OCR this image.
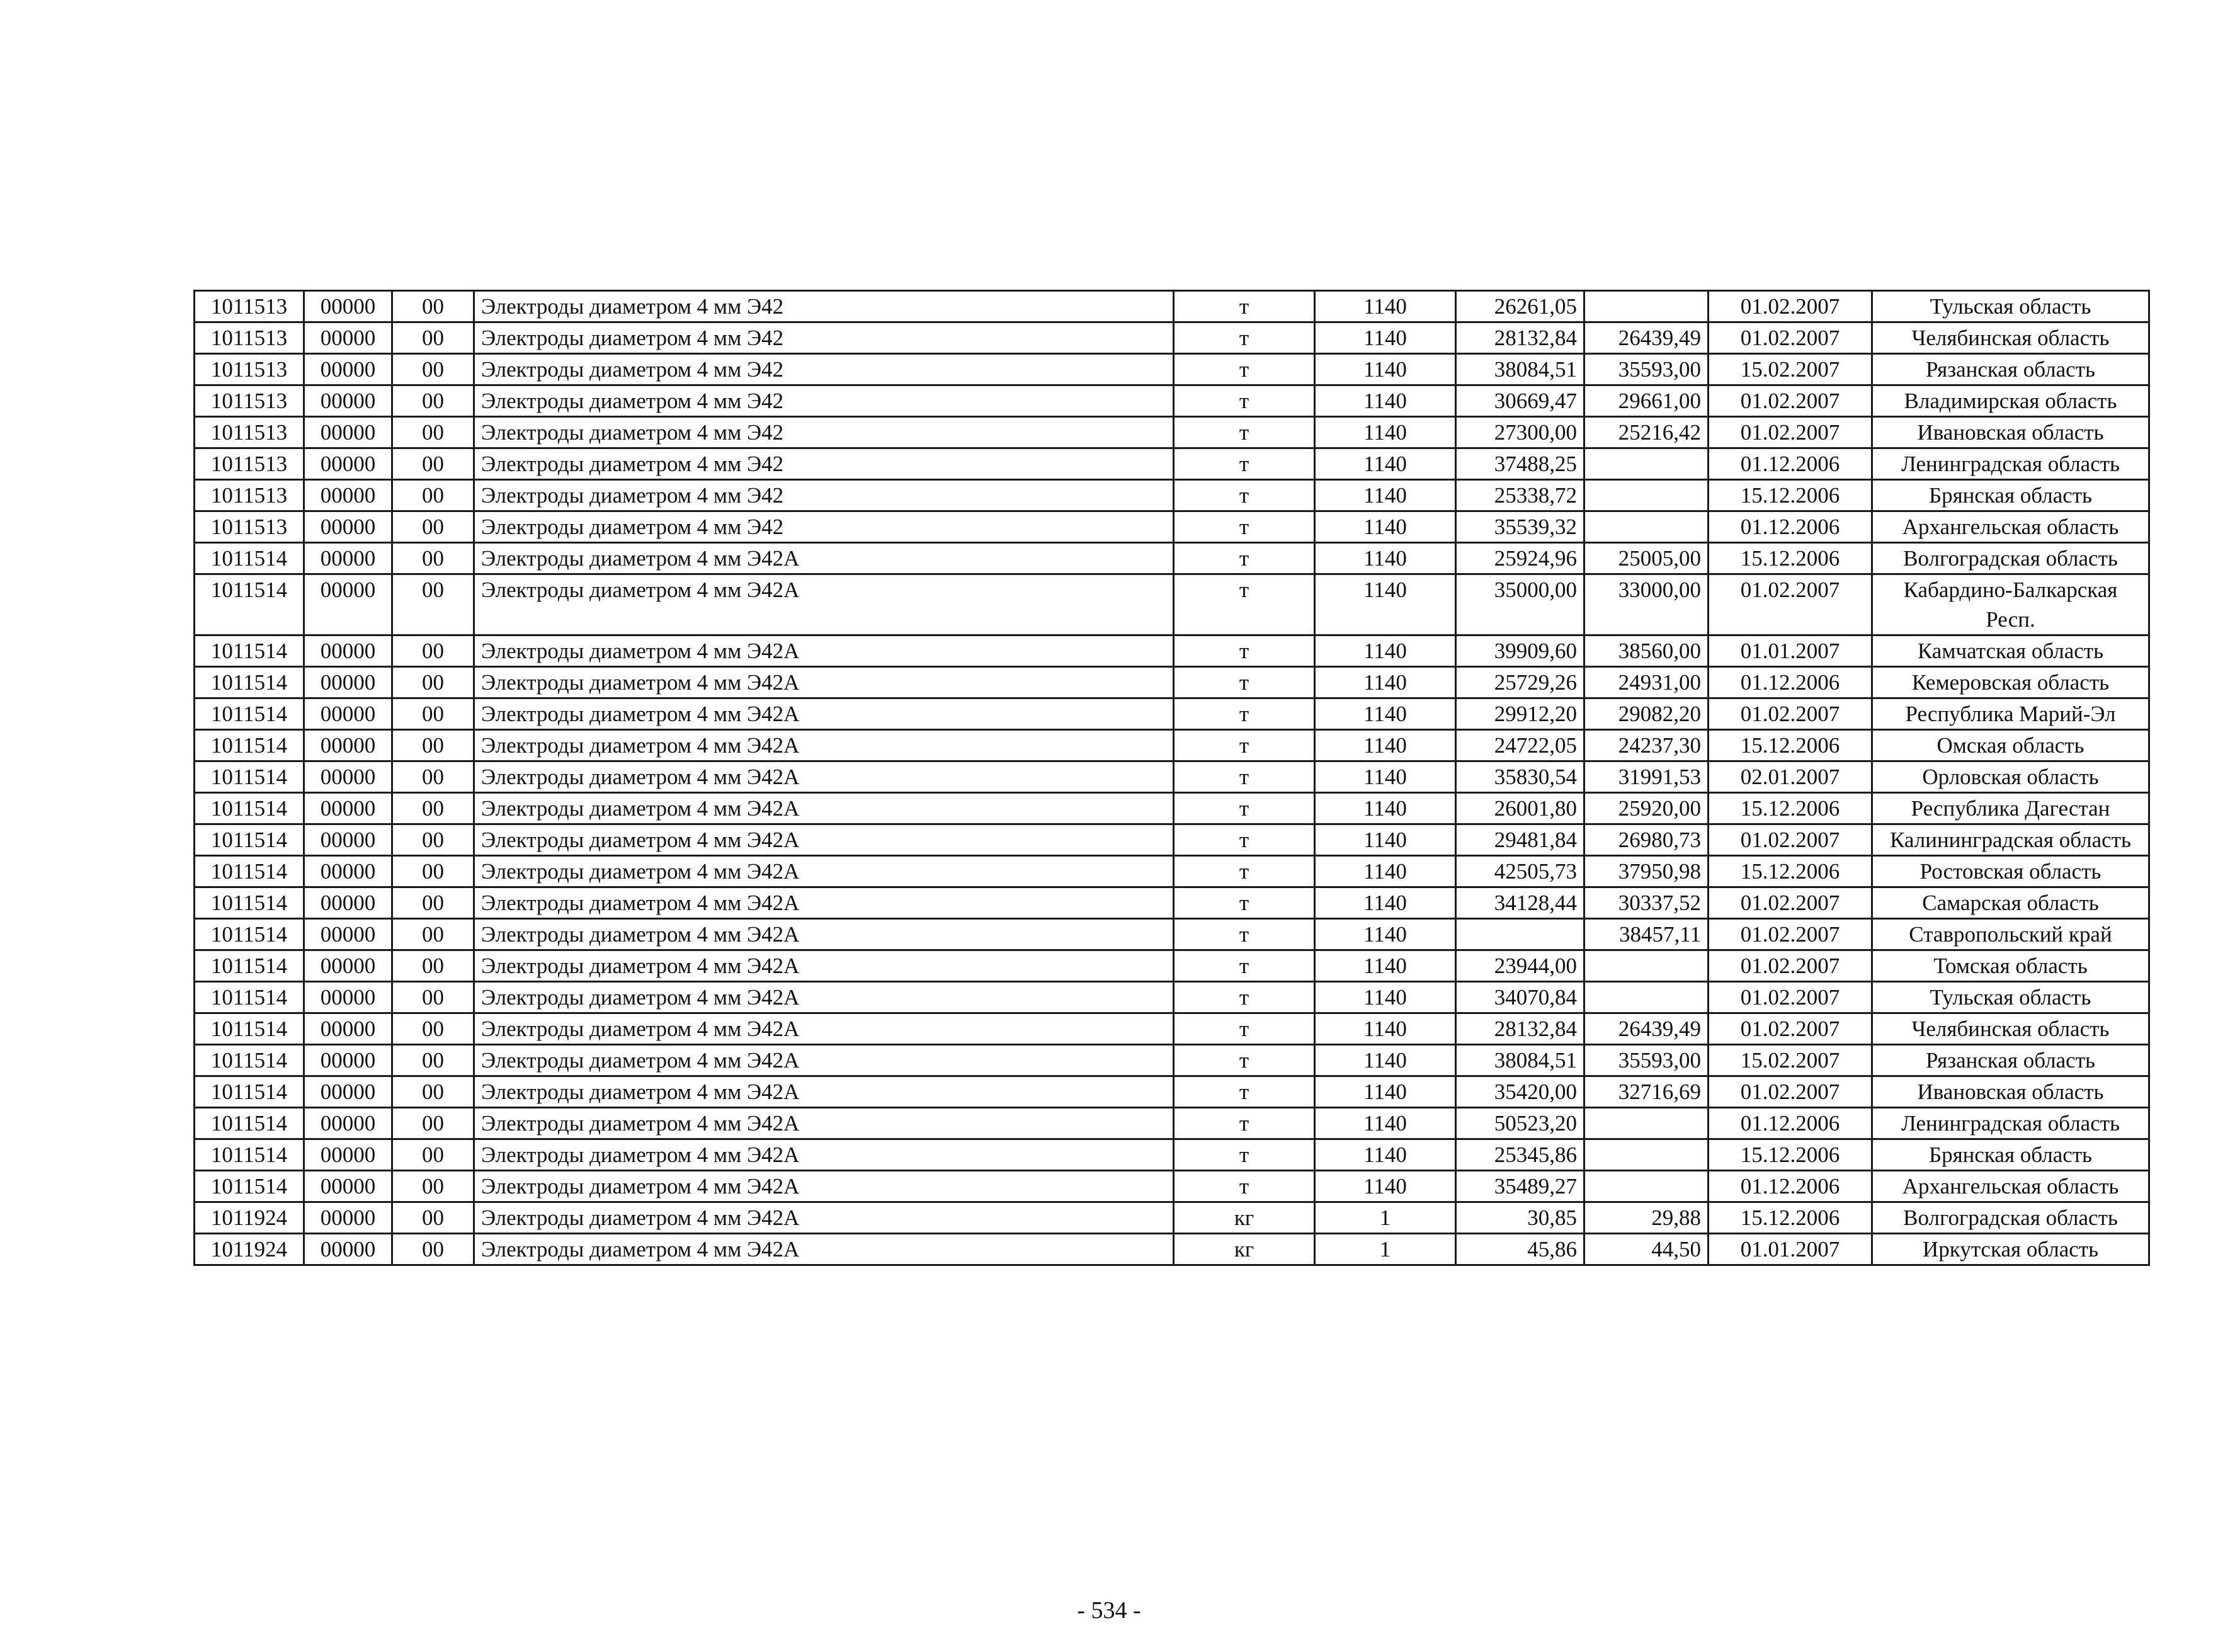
1011513	00000	00	Электроды диаметром 4 мм Э42	т	1140	26261,05		01.02.2007	Тульская область
1011513	00000	00	Электроды диаметром 4 мм Э42	т	1140	28132,84	26439,49	01.02.2007	Челябинская область
1011513	00000	00	Электроды диаметром 4 мм Э42	т	1140	38084,51	35593,00	15.02.2007	Рязанская область
1011513	00000	00	Электроды диаметром 4 мм Э42	т	1140	30669,47	29661,00	01.02.2007	Владимирская область
1011513	00000	00	Электроды диаметром 4 мм Э42	т	1140	27300,00	25216,42	01.02.2007	Ивановская область
1011513	00000	00	Электроды диаметром 4 мм Э42	т	1140	37488,25		01.12.2006	Ленинградская область
1011513	00000	00	Электроды диаметром 4 мм Э42	т	1140	25338,72		15.12.2006	Брянская область
1011513	00000	00	Электроды диаметром 4 мм Э42	т	1140	35539,32		01.12.2006	Архангельская область
1011514	00000	00	Электроды диаметром 4 мм Э42А	т	1140	25924,96	25005,00	15.12.2006	Волгоградская область
1011514	00000	00	Электроды диаметром 4 мм Э42А	т	1140	35000,00	33000,00	01.02.2007	Кабардино-Балкарская Респ.
1011514	00000	00	Электроды диаметром 4 мм Э42А	т	1140	39909,60	38560,00	01.01.2007	Камчатская область
1011514	00000	00	Электроды диаметром 4 мм Э42А	т	1140	25729,26	24931,00	01.12.2006	Кемеровская область
1011514	00000	00	Электроды диаметром 4 мм Э42А	т	1140	29912,20	29082,20	01.02.2007	Республика Марий-Эл
1011514	00000	00	Электроды диаметром 4 мм Э42А	т	1140	24722,05	24237,30	15.12.2006	Омская область
1011514	00000	00	Электроды диаметром 4 мм Э42А	т	1140	35830,54	31991,53	02.01.2007	Орловская область
1011514	00000	00	Электроды диаметром 4 мм Э42А	т	1140	26001,80	25920,00	15.12.2006	Республика Дагестан
1011514	00000	00	Электроды диаметром 4 мм Э42А	т	1140	29481,84	26980,73	01.02.2007	Калининградская область
1011514	00000	00	Электроды диаметром 4 мм Э42А	т	1140	42505,73	37950,98	15.12.2006	Ростовская область
1011514	00000	00	Электроды диаметром 4 мм Э42А	т	1140	34128,44	30337,52	01.02.2007	Самарская область
1011514	00000	00	Электроды диаметром 4 мм Э42А	т	1140		38457,11	01.02.2007	Ставропольский край
1011514	00000	00	Электроды диаметром 4 мм Э42А	т	1140	23944,00		01.02.2007	Томская область
1011514	00000	00	Электроды диаметром 4 мм Э42А	т	1140	34070,84		01.02.2007	Тульская область
1011514	00000	00	Электроды диаметром 4 мм Э42А	т	1140	28132,84	26439,49	01.02.2007	Челябинская область
1011514	00000	00	Электроды диаметром 4 мм Э42А	т	1140	38084,51	35593,00	15.02.2007	Рязанская область
1011514	00000	00	Электроды диаметром 4 мм Э42А	т	1140	35420,00	32716,69	01.02.2007	Ивановская область
1011514	00000	00	Электроды диаметром 4 мм Э42А	т	1140	50523,20		01.12.2006	Ленинградская область
1011514	00000	00	Электроды диаметром 4 мм Э42А	т	1140	25345,86		15.12.2006	Брянская область
1011514	00000	00	Электроды диаметром 4 мм Э42А	т	1140	35489,27		01.12.2006	Архангельская область
1011924	00000	00	Электроды диаметром 4 мм Э42А	кг	1	30,85	29,88	15.12.2006	Волгоградская область
1011924	00000	00	Электроды диаметром 4 мм Э42А	кг	1	45,86	44,50	01.01.2007	Иркутская область
- 534 -
